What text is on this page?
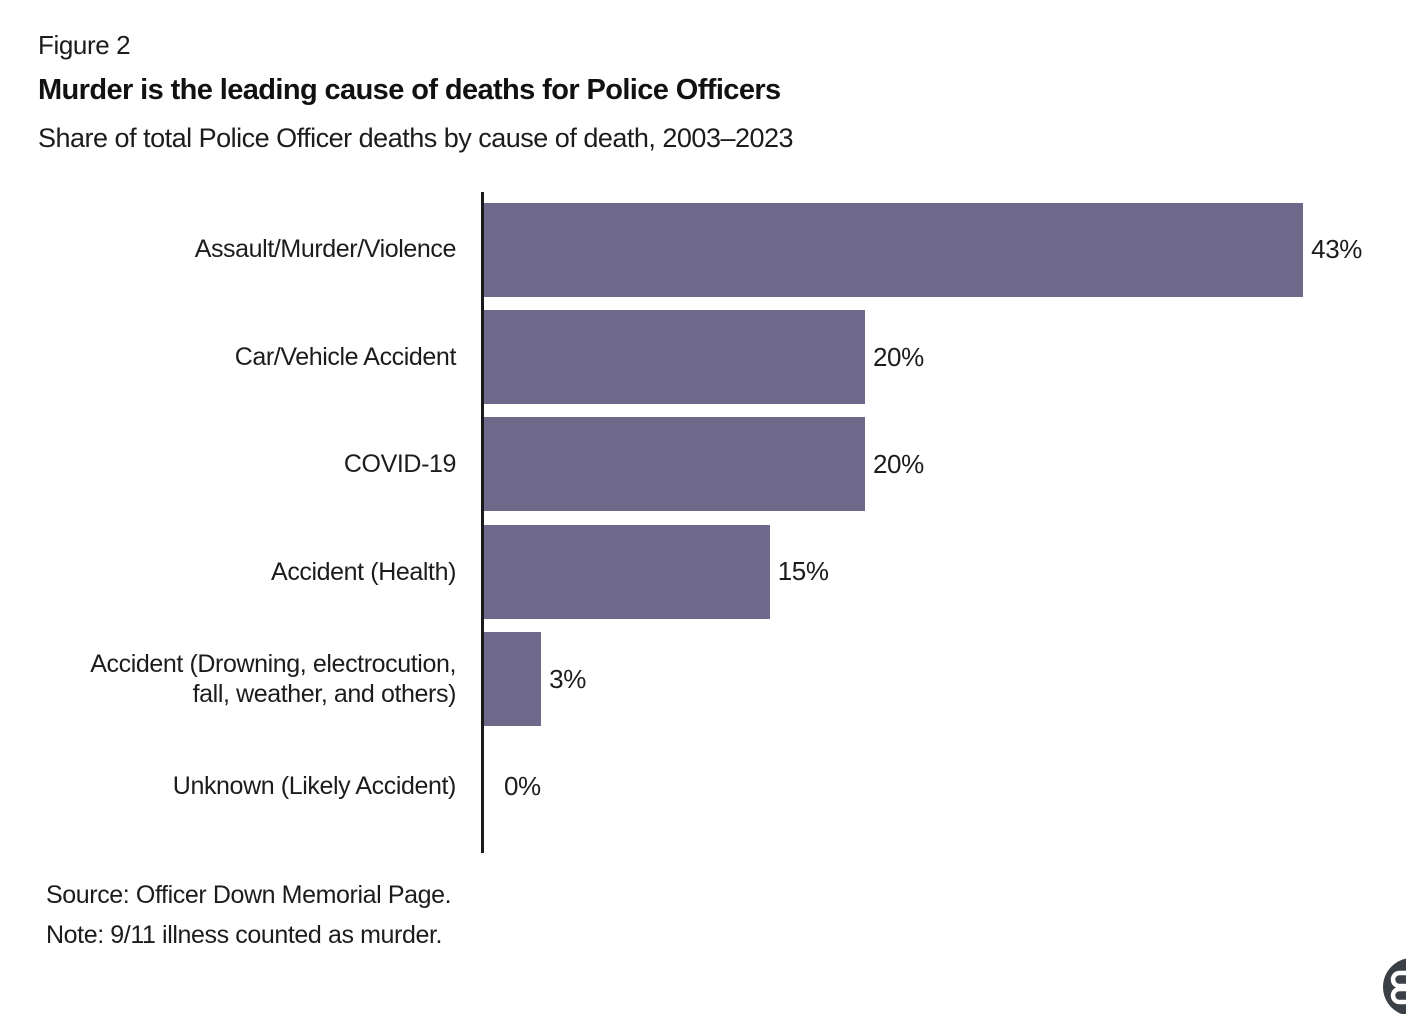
Figure 2
Murder is the leading cause of deaths for Police Officers
Share of total Police Officer deaths by cause of death, 2003–2023
Assault/Murder/Violence	43%
Car/Vehicle Accident	20%
COVID-19	20%
Accident (Health)	15%
Accident (Drowning, electrocution,
fall, weather, and others)
3%
Unknown (Likely Accident) 0%
Source: Officer Down Memorial Page.
Note: 9/11 illness counted as murder.
